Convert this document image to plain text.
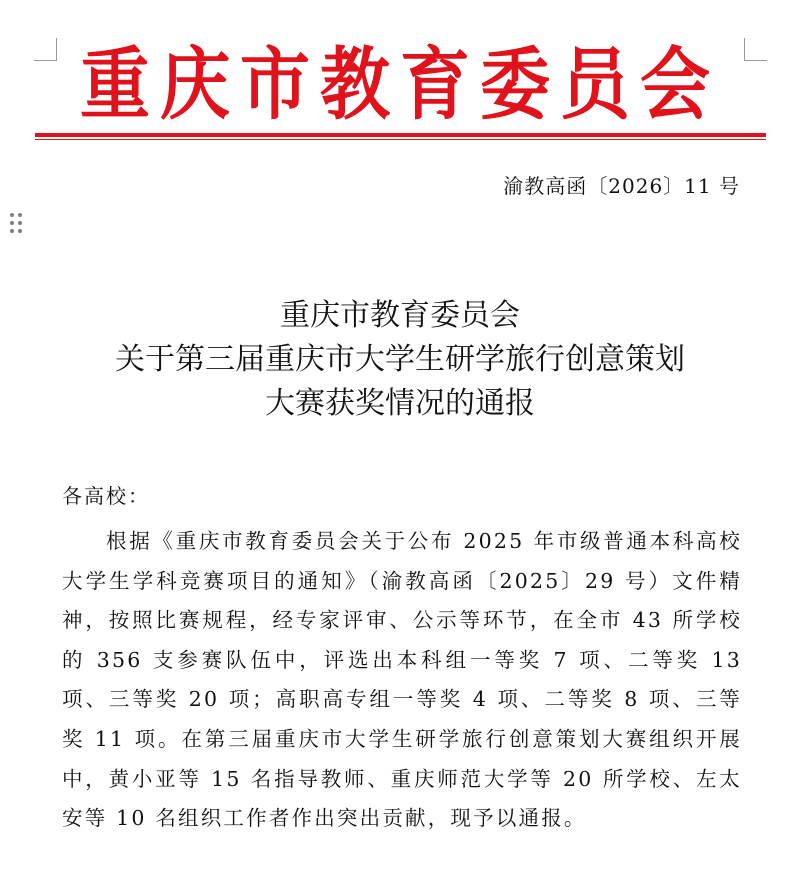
重庆市教育委员会
渝教高函〔2026〕11 号
重庆市教育委员会
关于第三届重庆市大学生研学旅行创意策划
大赛获奖情况的通报
各高校：
根据《重庆市教育委员会关于公布 2025 年市级普通本科高校大学生学科竞赛项目的通知》（渝教高函〔2025〕29 号）文件精神，按照比赛规程，经专家评审、公示等环节，在全市 43 所学校的 356 支参赛队伍中，评选出本科组一等奖 7 项、二等奖 13 项、三等奖 20 项；高职高专组一等奖 4 项、二等奖 8 项、三等奖 11 项。在第三届重庆市大学生研学旅行创意策划大赛组织开展中，黄小亚等 15 名指导教师、重庆师范大学等 20 所学校、左太安等 10 名组织工作者作出突出贡献，现予以通报。
